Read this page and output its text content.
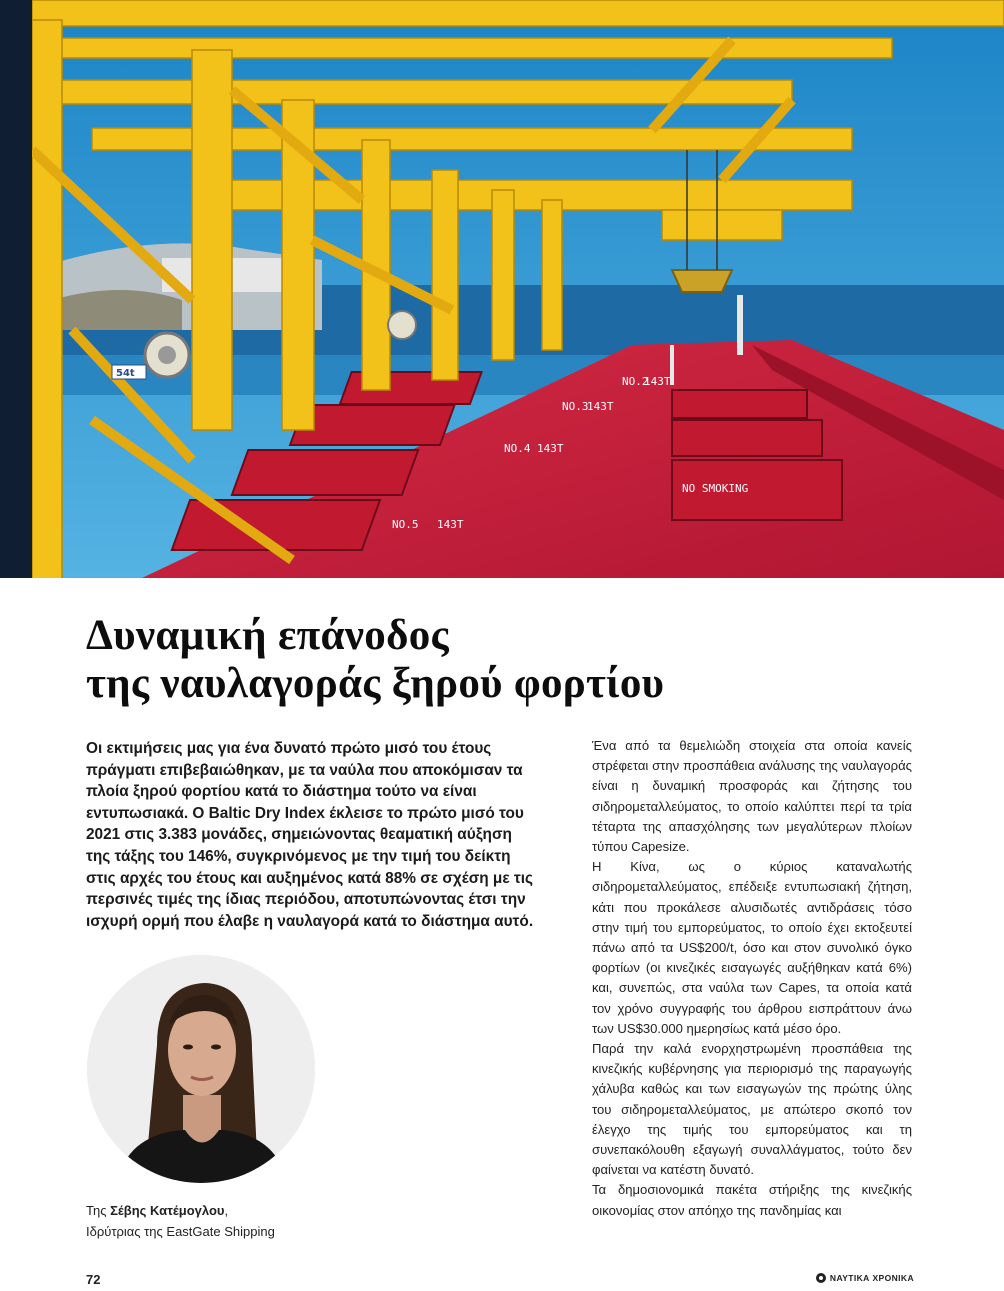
NO.5 143T
NO.4 143T
NO.3
143T
NO.2
143T
NO SMOKING
54t
Δυναμική επάνοδος
της ναυλαγοράς ξηρού φορτίου

Οι εκτιμήσεις μας για ένα δυνατό πρώτο μισό του έτους πράγματι επιβεβαιώθηκαν, με τα ναύλα που αποκόμισαν τα πλοία ξηρού φορτίου κατά το διάστημα τούτο να είναι εντυπωσιακά. Ο Baltic Dry Index έκλεισε το πρώτο μισό του 2021 στις 3.383 μονάδες, σημειώνοντας θεαματική αύξηση της τάξης του 146%, συγκρινόμενος με την τιμή του δείκτη στις αρχές του έτους και αυξημένος κατά 88% σε σχέση με τις περσινές τιμές της ίδιας περιόδου, αποτυπώνοντας έτσι την ισχυρή ορμή που έλαβε η ναυλαγορά κατά το διάστημα αυτό.

Ένα από τα θεμελιώδη στοιχεία στα οποία κανείς στρέφεται στην προσπάθεια ανάλυσης της ναυλαγοράς είναι η δυναμική προσφοράς και ζήτησης του σιδηρομεταλλεύματος, το οποίο καλύπτει περί τα τρία τέταρτα της απασχόλησης των μεγαλύτερων πλοίων τύπου Capesize.

Η Κίνα, ως ο κύριος καταναλωτής σιδηρομεταλλεύματος, επέδειξε εντυπωσιακή ζήτηση, κάτι που προκάλεσε αλυσιδωτές αντιδράσεις τόσο στην τιμή του εμπορεύματος, το οποίο έχει εκτοξευτεί πάνω από τα US$200/t, όσο και στον συνολικό όγκο φορτίων (οι κινεζικές εισαγωγές αυξήθηκαν κατά 6%) και, συνεπώς, στα ναύλα των Capes, τα οποία κατά τον χρόνο συγγραφής του άρθρου εισπράττουν άνω των US$30.000 ημερησίως κατά μέσο όρο.

Παρά την καλά ενορχηστρωμένη προσπάθεια της κινεζικής κυβέρνησης για περιορισμό της παραγωγής χάλυβα καθώς και των εισαγωγών της πρώτης ύλης του σιδηρομεταλλεύματος, με απώτερο σκοπό τον έλεγχο της τιμής του εμπορεύματος και τη συνεπακόλουθη εξαγωγή συναλλάγματος, τούτο δεν φαίνεται να κατέστη δυνατό.

Τα δημοσιονομικά πακέτα στήριξης της κινεζικής οικονομίας στον απόηχο της πανδημίας και

Της Σέβης Κατέμογλου,
Ιδρύτριας της EastGate Shipping
72	ΝΑΥΤΙΚΑ ΧΡΟΝΙΚΑ
